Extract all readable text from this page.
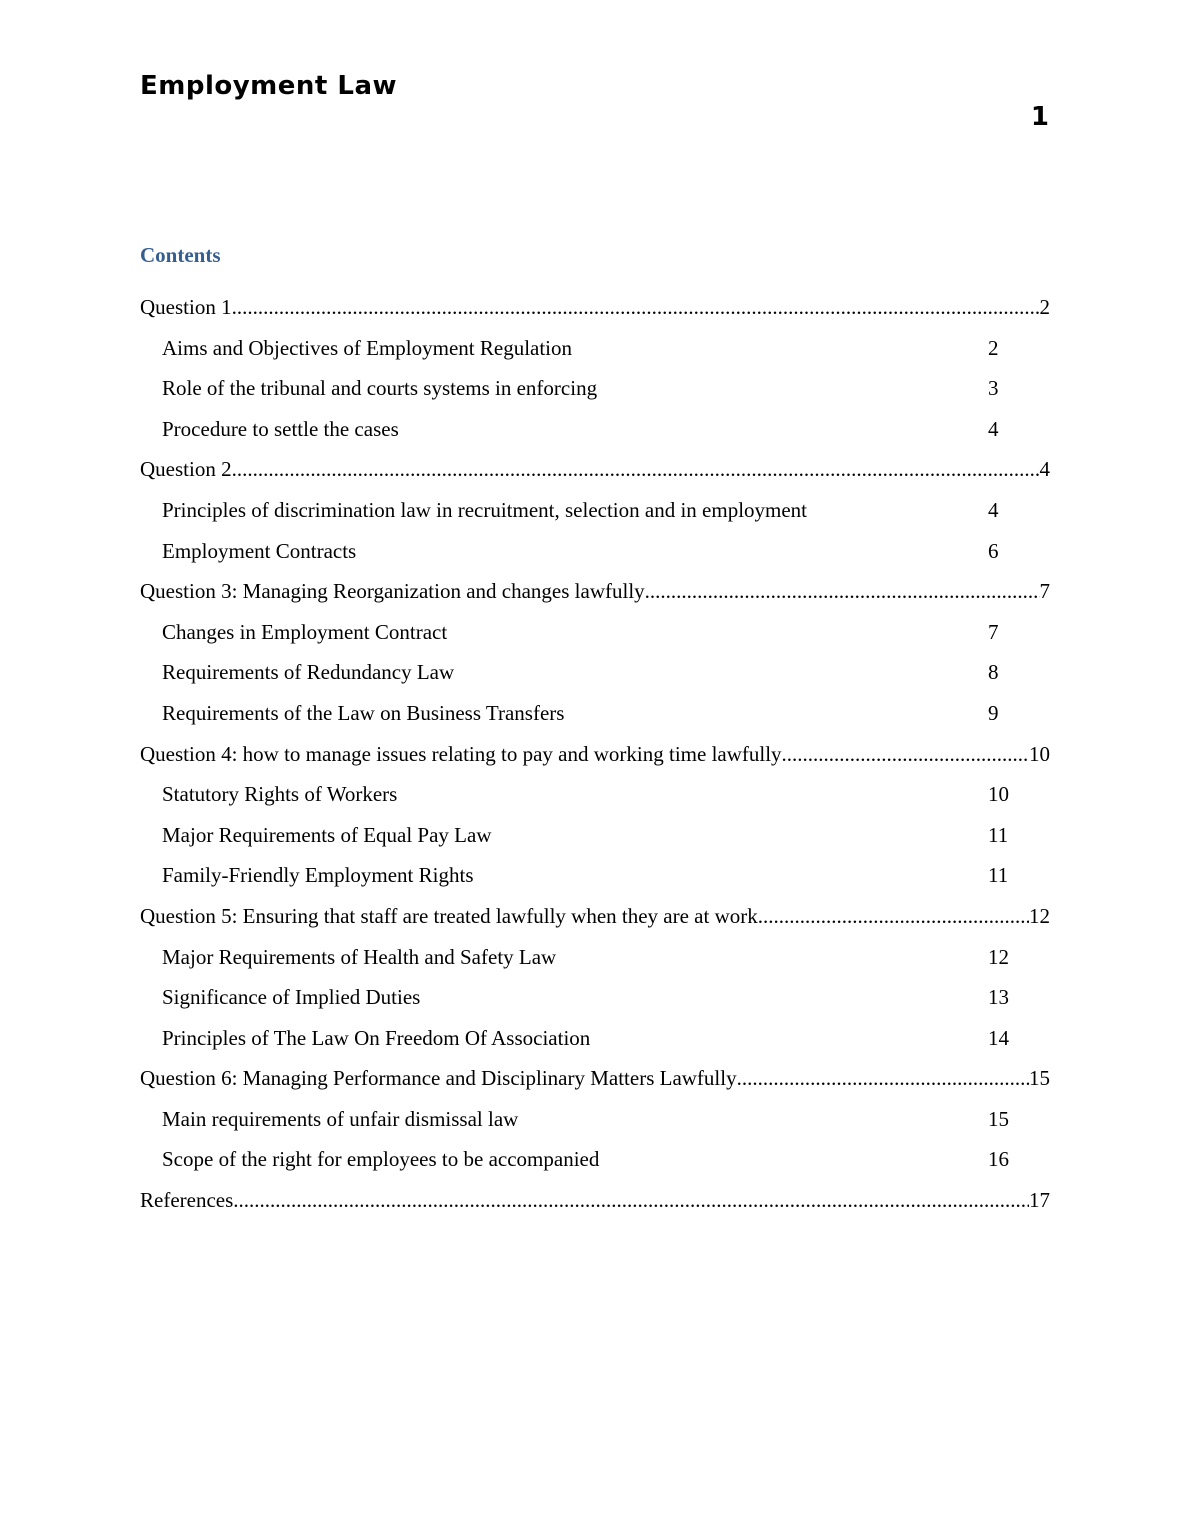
Employment Law
1
Contents
Question 1 .....	2
Aims and Objectives of Employment Regulation	2
Role of the tribunal and courts systems in enforcing	3
Procedure to settle the cases	4
Question 2 .....	4
Principles of discrimination law in recruitment, selection and in employment	4
Employment Contracts	6
Question 3: Managing Reorganization and changes lawfully .....	7
Changes in Employment Contract	7
Requirements of Redundancy Law	8
Requirements of the Law on Business Transfers	9
Question 4: how to manage issues relating to pay and working time lawfully .....	10
Statutory Rights of Workers	10
Major Requirements of Equal Pay Law	11
Family-Friendly Employment Rights	11
Question 5: Ensuring that staff are treated lawfully when they are at work .....	12
Major Requirements of Health and Safety Law	12
Significance of Implied Duties	13
Principles of The Law On Freedom Of Association	14
Question 6: Managing Performance and Disciplinary Matters Lawfully .....	15
Main requirements of unfair dismissal law	15
Scope of the right for employees to be accompanied	16
References .....	17
